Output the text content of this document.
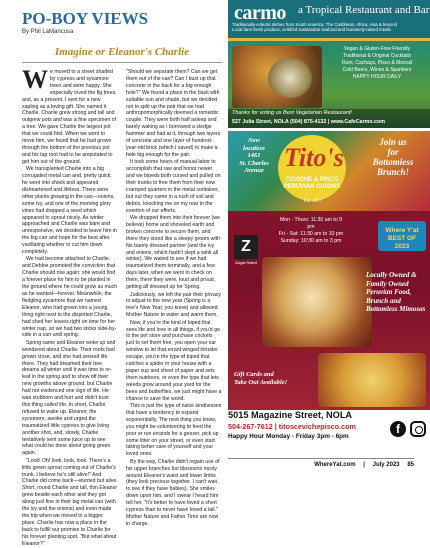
PO-BOY VIEWS
By Phil LaMancusa
Imagine or Eleanor's Charlie

We moved to a street shaded by cypress and sycamore trees and were happy. She especially loved the fig trees, and, as a present, I sent for a new sapling as a loving gift. She named it Charlie. Charlie grew strong and tall and outgrew pots and was a fine specimen of a tree. We gave Charlie the largest pot that we could find. When we went to move him, we found that he had grown through the bottom of the previous pot and his tap root had to be amputated to get him out of the ground.

We transplanted Charlie into a big corrugated metal can and, pretty quick, he went into shock and appeared disheartened and lifeless. There were other plants growing in the can—onions, some ivy, and one of the morning glory vines had dropped a seed which appeared to sprout nicely. As winter approached and Charlie was bare and unresponsive, we decided to leave him in the big can and hope for the best after vacillating whether to cut him down completely.

We had become attached to Charlie, and Debbie promoted the conviction that Charlie should rise again; she would find a forever place for him to be planted in the ground where he could grow as much as he wanted—forever. Meanwhile, the fledgling sycamore that we named Eleanor, who had grown into a young thing right next to the dispirited Charlie, had shed her leaves right on time for her winter nap, so we had two sticks side-by-side in a can until spring.

Spring came and Eleanor woke up and wondered about Charlie. Their roots had grown close, and she had sensed life there. They had dreamed their tree dreams all winter until it was time to re-leaf in the spring and to show off their new growths above ground, but Charlie had not evidenced one sign of life. He was stubborn and hurt and didn't trust this thing called life. In short, Charlie refused to wake up. Eleanor, the sycamore, awoke and urged the traumatized little cypress to give living another shot, and, slowly, Charlie tentatively sent some juice up to see what could be done about going green again.

"Look! Oh! look, look, look. There's a little green sprout coming out of Charlie's trunk. I believe he's still alive!" And Charlie did come back—stunted but alive. Short, round Charlie and tall, thin Eleanor grew beside each other and they got along just fine in their big metal can (with the ivy and the onions) and even made the trip when we moved to a bigger place. Charlie has now a place in the back to fulfill our promise to Charlie for his forever planting spot. "But what about Eleanor?"

"Should we separate them? Can we get them out of the can? Can I bust up that concrete in the back for a big enough hole?" We found a place in the back with suitable sun and shade, but we decided not to split up the pair that we had anthropomorphically deemed a romantic couple. They were both half asleep and barely waking as I borrowed a sledge hammer and had at it, through two layers of concrete and one layer of hundred-year-old brick (which I saved) to make a hole big enough for the pair.

It took some hours of manual labor to accomplish that raw and honor newer and we bipeds both cursed and pulled on their trunks to free them from their now cramped quarters in the metal container, but out they came in a rush of soil and debris, knocking me on my rear in the exertion of our efforts.

We dropped them into their forever (we believe) home and shoveled earth and broken concrete to secure them, and there they stood like a sleepy groom with his barely dressed partner (and the ivy and onions, which hadn't slept a wink all winter). We waited to see if we had traumatized them terminally, and a few days later, when we went to check on them, there they were, loud and proud, getting all dressed up for Spring.

Judiciously, we left the pair their privacy to adjust to the new year (Spring is a tree's New Year, you know) and allowed Mother Nature to water and warm them.

Now, if you're the kind of biped that sees life and love in all things, if you'd go to the pet store and purchase crickets just to set them free, you open your car window to let that errant winged intruder escape, you're the type of biped that catches a spider in your house with a paper cup and sheet of paper and sets them outdoors, or even the type that lets weeds grow around your yard for the bees and butterflies, we just might have a chance to save the world.

This is just the type of naive kindnesses that have a tendency to expand exponentially. The next thing you know, you might be volunteering to feed the poor or run errands for a geezer, pick up some litter on your street, or even start taking better care of yourself and your loved ones.

By the way, Charlie didn't regain use of his upper branches but blossoms nicely around Eleanor's waist and lower limbs (they look precious together. I can't wait to see if they have babies). She smiles down upon him, and I swear I heard him tell her, "It's better to have loved a short cypress than to never have loved a tall." Mother Nature and Father Time are now in charge.

carmo a Tropical Restaurant and Bar
Traditionally-eclectic dishes from South America, The Caribbean, Africa, Asia & beyond
Local farm-fresh produce, certified sustainable seafood and humanely-raised meats
Vegan & Gluten-Free Friendly
Traditional & Original Cocktails
Rum, Cachaça, Pisco & Mezcal
Cold Beers, Wines & Sparklers
HAPPY HOUR DAILY
Thanks for voting us Best Vegetarian Restaurant!
527 Julia Street, NOLA (504) 875-4132 | www.CafeCarmo.com
New
location
1461
St. Charles
Avenue Tito's
CEVICHE & PISCO
PERUVIAN CUISINE
Est. 2017
Join us
for
Bottomless
Brunch!
Mon - Thurs: 11:30 am to 9 pm
Fri - Sat: 11:30 am to 10 pm
Sunday: 10:30 am to 3 pm
Where Y'at
BEST OF
2023
Z
Zagat Rated
Locally Owned &
Family Owned
Peruvian Food,
Brunch and
Bottomless Mimosas
Gift Cards and
Take Out Available!
5015 Magazine Street, NOLA
504-267-7612 | titosceviche​pisco.com
Happy Hour Monday - Friday 3pm - 6pm
f
WhereYat.com | July 2023 85
